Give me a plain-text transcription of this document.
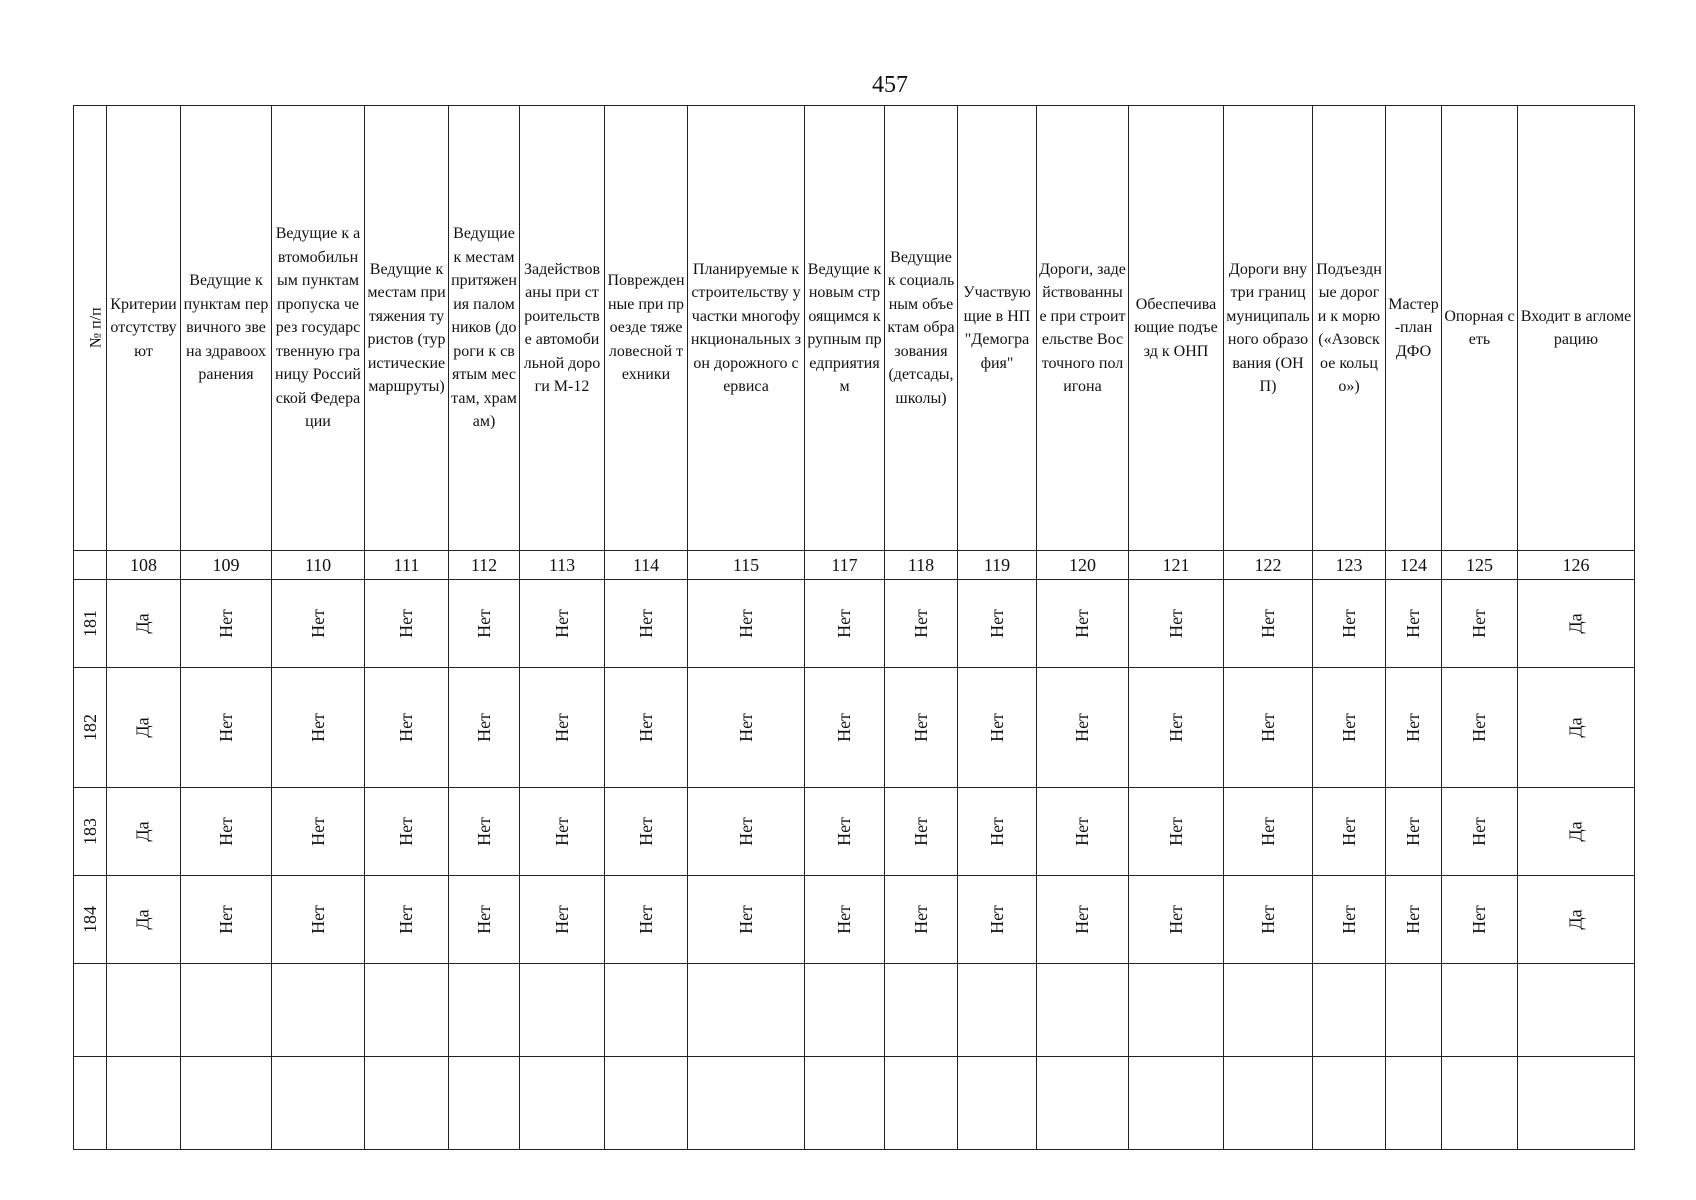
457
№ п/п	Критерии отсутствуют	Ведущие к пунктам первичного звена здравоохранения	Ведущие к автомобильным пунктам пропуска через государственную границу Российской Федерации	Ведущие к местам притяжения туристов (туристические маршруты)	Ведущие к местам притяжения паломников (дороги к святым местам, храмам)	Задействованы при строительстве автомобильной дороги М-12	Поврежденные при проезде тяжеловесной техники	Планируемые к строительству участки многофункциональных зон дорожного сервиса	Ведущие к новым строящимся крупным предприятиям	Ведущие к социальным объектам образования (детсады, школы)	Участвующие в НП "Демография"	Дороги, задействованные при строительстве Восточного полигона	Обеспечивающие подъезд к ОНП	Дороги внутри границ муниципального образования (ОНП)	Подъездные дороги к морю («Азовское кольцо»)	Мастер-план ДФО	Опорная сеть	Входит в агломерацию
	108	109	110	111	112	113	114	115	117	118	119	120	121	122	123	124	125	126
181	Да	Нет	Нет	Нет	Нет	Нет	Нет	Нет	Нет	Нет	Нет	Нет	Нет	Нет	Нет	Нет	Нет	Да
182	Да	Нет	Нет	Нет	Нет	Нет	Нет	Нет	Нет	Нет	Нет	Нет	Нет	Нет	Нет	Нет	Нет	Да
183	Да	Нет	Нет	Нет	Нет	Нет	Нет	Нет	Нет	Нет	Нет	Нет	Нет	Нет	Нет	Нет	Нет	Да
184	Да	Нет	Нет	Нет	Нет	Нет	Нет	Нет	Нет	Нет	Нет	Нет	Нет	Нет	Нет	Нет	Нет	Да
